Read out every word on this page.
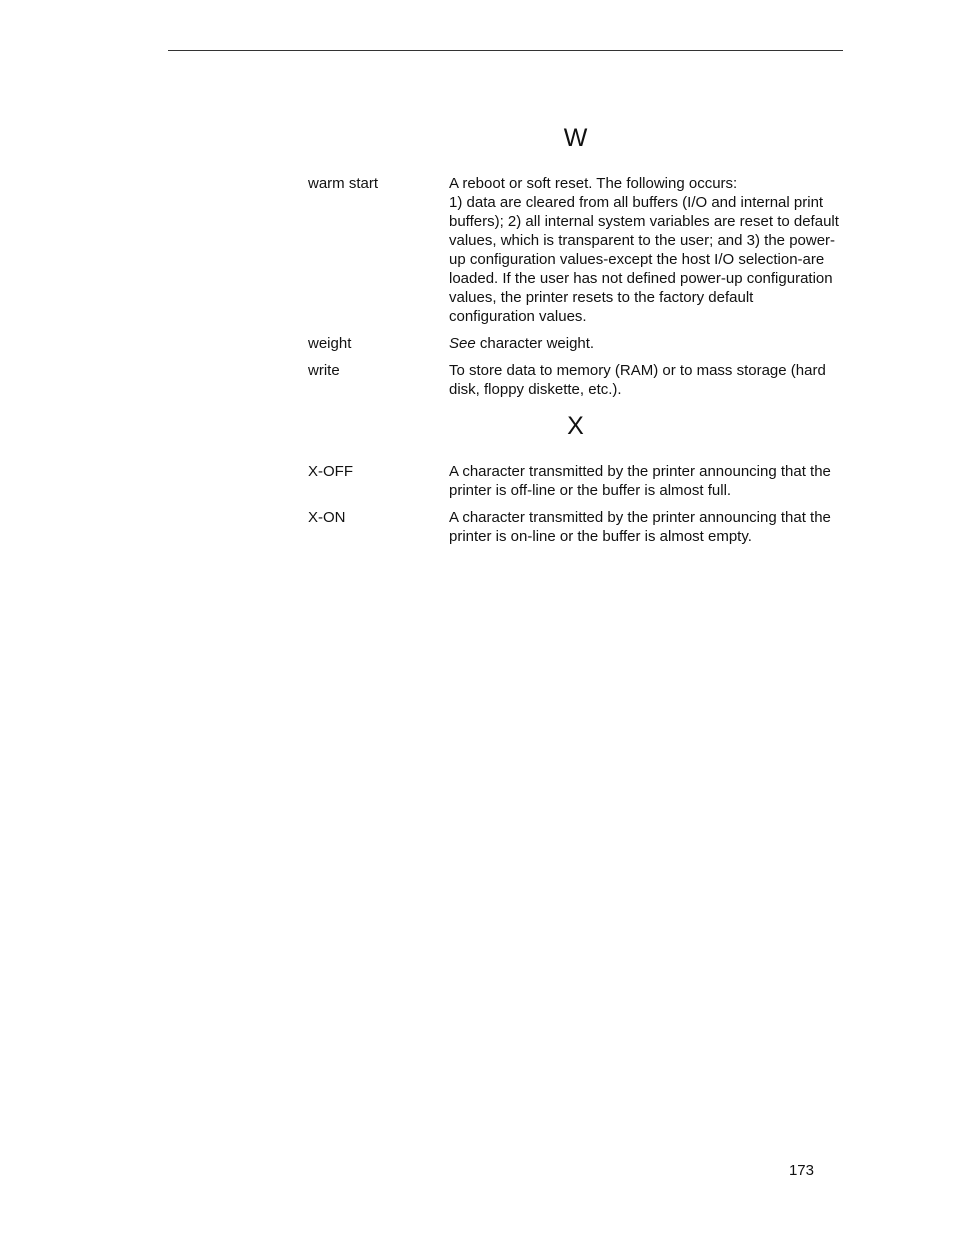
W
warm start	A reboot or soft reset. The following occurs:

1) data are cleared from all buffers (I/O and internal print buffers); 2) all internal system variables are reset to default values, which is transparent to the user; and 3) the power-up configuration values-except the host I/O selection-are loaded. If the user has not defined power-up configuration values, the printer resets to the factory default configuration values.

weight	See character weight.
write	To store data to memory (RAM) or to mass storage (hard disk, floppy diskette, etc.).
X
X-OFF	A character transmitted by the printer announcing that the printer is off-line or the buffer is almost full.
X-ON	A character transmitted by the printer announcing that the printer is on-line or the buffer is almost empty.
173
